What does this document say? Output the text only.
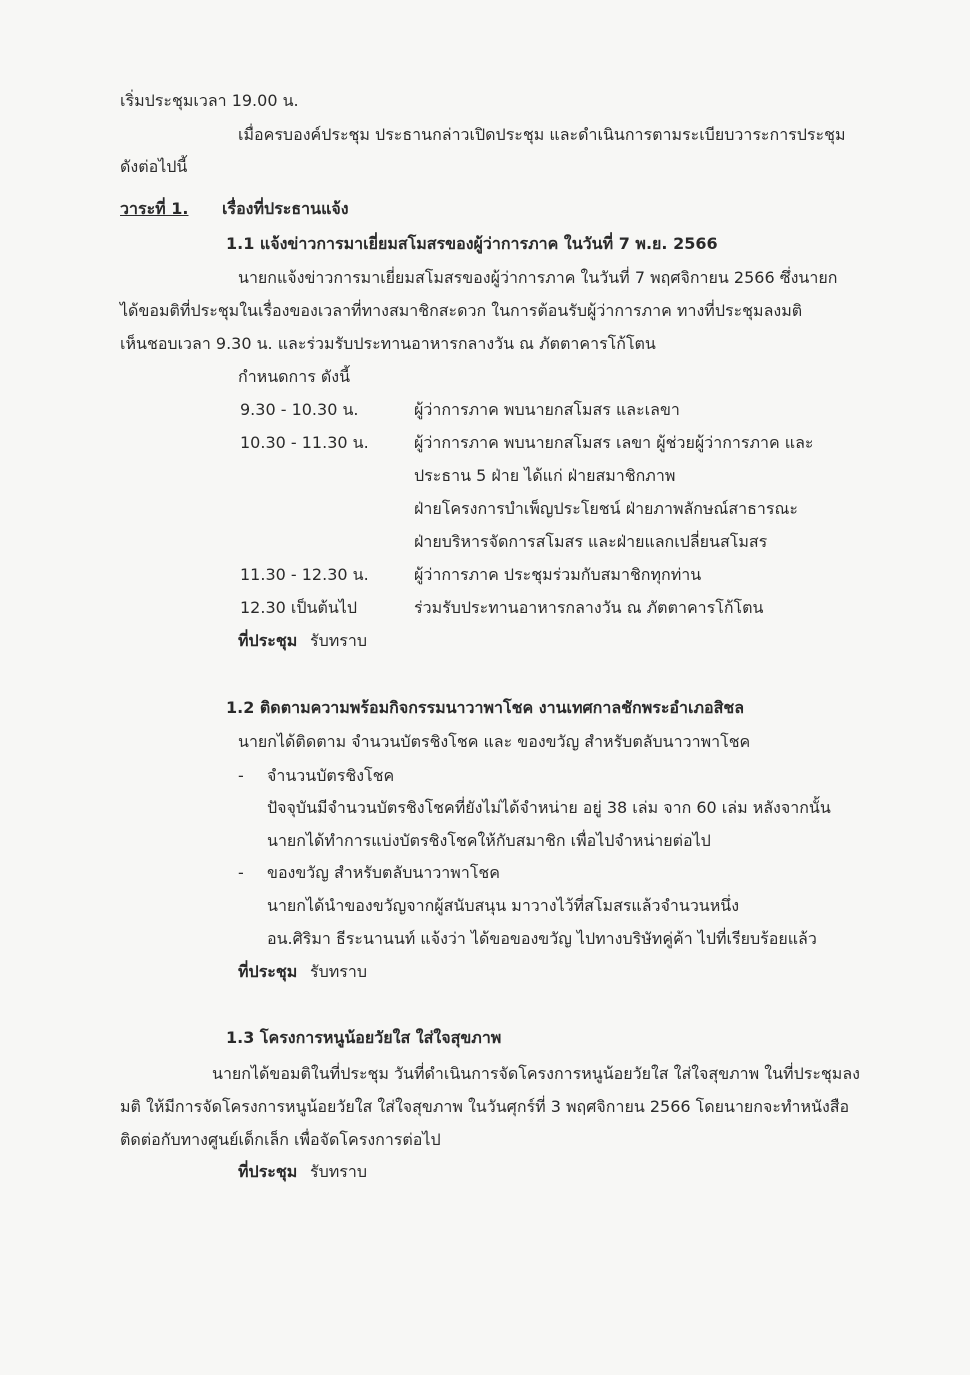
เริ่มประชุมเวลา 19.00 น.
เมื่อครบองค์ประชุม ประธานกล่าวเปิดประชุม และดำเนินการตามระเบียบวาระการประชุม
ดังต่อไปนี้
วาระที่ 1. เรื่องที่ประธานแจ้ง
1.1 แจ้งข่าวการมาเยี่ยมสโมสรของผู้ว่าการภาค ในวันที่ 7 พ.ย. 2566
นายกแจ้งข่าวการมาเยี่ยมสโมสรของผู้ว่าการภาค ในวันที่ 7 พฤศจิกายน 2566 ซึ่งนายก
ได้ขอมติที่ประชุมในเรื่องของเวลาที่ทางสมาชิกสะดวก ในการต้อนรับผู้ว่าการภาค ทางที่ประชุมลงมติ
เห็นชอบเวลา 9.30 น. และร่วมรับประทานอาหารกลางวัน ณ ภัตตาคารโก้โตน
กำหนดการ ดังนี้
9.30 - 10.30 น.	ผู้ว่าการภาค พบนายกสโมสร และเลขา
10.30 - 11.30 น.	ผู้ว่าการภาค พบนายกสโมสร เลขา ผู้ช่วยผู้ว่าการภาค และ
ประธาน 5 ฝ่าย ได้แก่ ฝ่ายสมาชิกภาพ
ฝ่ายโครงการบำเพ็ญประโยชน์ ฝ่ายภาพลักษณ์สาธารณะ
ฝ่ายบริหารจัดการสโมสร และฝ่ายแลกเปลี่ยนสโมสร
11.30 - 12.30 น.	ผู้ว่าการภาค ประชุมร่วมกับสมาชิกทุกท่าน
12.30 เป็นต้นไป	ร่วมรับประทานอาหารกลางวัน ณ ภัตตาคารโก้โตน
ที่ประชุม รับทราบ
1.2 ติดตามความพร้อมกิจกรรมนาวาพาโชค งานเทศกาลชักพระอำเภอสิชล
นายกได้ติดตาม จำนวนบัตรชิงโชค และ ของขวัญ สำหรับตลับนาวาพาโชค
- จำนวนบัตรชิงโชค
ปัจจุบันมีจำนวนบัตรชิงโชคที่ยังไม่ได้จำหน่าย อยู่ 38 เล่ม จาก 60 เล่ม หลังจากนั้น
นายกได้ทำการแบ่งบัตรชิงโชคให้กับสมาชิก เพื่อไปจำหน่ายต่อไป
- ของขวัญ สำหรับตลับนาวาพาโชค
นายกได้นำของขวัญจากผู้สนับสนุน มาวางไว้ที่สโมสรแล้วจำนวนหนึ่ง
อน.ศิริมา ธีระนานนท์ แจ้งว่า ได้ขอของขวัญ ไปทางบริษัทคู่ค้า ไปที่เรียบร้อยแล้ว
ที่ประชุม รับทราบ
1.3 โครงการหนูน้อยวัยใส ใส่ใจสุขภาพ
นายกได้ขอมติในที่ประชุม วันที่ดำเนินการจัดโครงการหนูน้อยวัยใส ใส่ใจสุขภาพ ในที่ประชุมลง
มติ ให้มีการจัดโครงการหนูน้อยวัยใส ใส่ใจสุขภาพ ในวันศุกร์ที่ 3 พฤศจิกายน 2566 โดยนายกจะทำหนังสือ
ติดต่อกับทางศูนย์เด็กเล็ก เพื่อจัดโครงการต่อไป
ที่ประชุม รับทราบ
